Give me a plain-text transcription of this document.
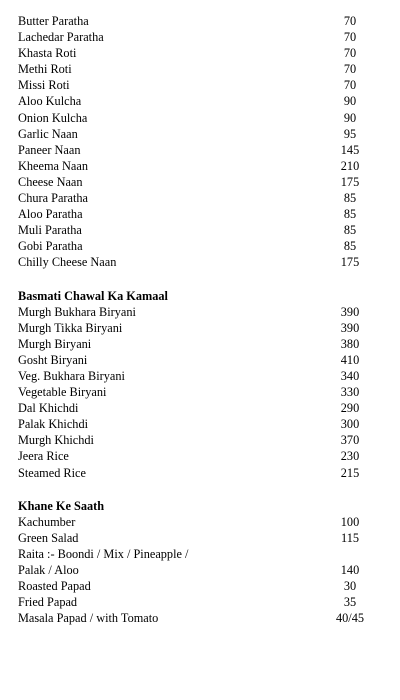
Butter Paratha	70
Lachedar Paratha	70
Khasta Roti	70
Methi Roti	70
Missi Roti	70
Aloo Kulcha	90
Onion Kulcha	90
Garlic Naan	95
Paneer Naan	145
Kheema Naan	210
Cheese Naan	175
Chura Paratha	85
Aloo Paratha	85
Muli Paratha	85
Gobi Paratha	85
Chilly Cheese Naan	175
Basmati Chawal Ka Kamaal
Murgh Bukhara Biryani	390
Murgh Tikka Biryani	390
Murgh Biryani	380
Gosht Biryani	410
Veg. Bukhara Biryani	340
Vegetable Biryani	330
Dal Khichdi	290
Palak Khichdi	300
Murgh Khichdi	370
Jeera Rice	230
Steamed Rice	215
Khane Ke Saath
Kachumber	100
Green Salad	115
Raita :- Boondi / Mix / Pineapple /
Palak / Aloo	140
Roasted Papad	30
Fried Papad	35
Masala Papad / with Tomato	40/45
